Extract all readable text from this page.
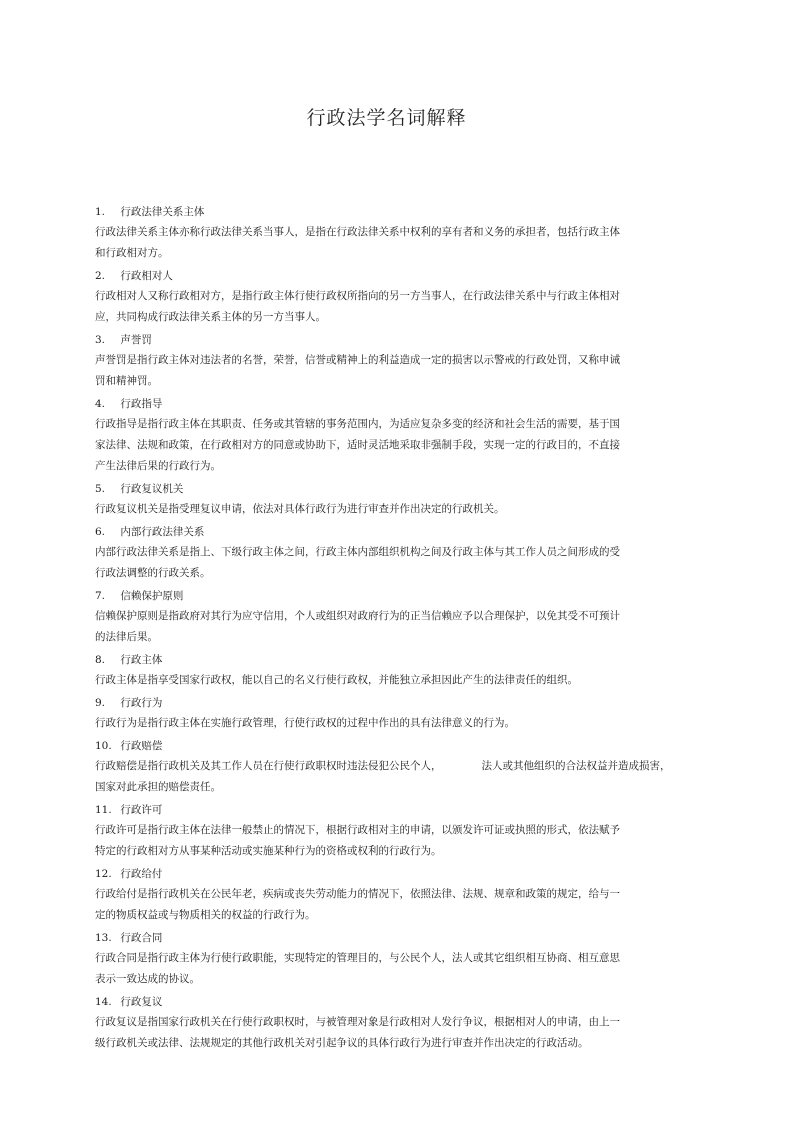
行政法学名词解释
1. 行政法律关系主体
行政法律关系主体亦称行政法律关系当事人，是指在行政法律关系中权利的享有者和义务的承担者，包括行政主体
和行政相对方。
2. 行政相对人
行政相对人又称行政相对方，是指行政主体行使行政权所指向的另一方当事人，在行政法律关系中与行政主体相对
应，共同构成行政法律关系主体的另一方当事人。
3. 声誉罚
声誉罚是指行政主体对违法者的名誉，荣誉，信誉或精神上的利益造成一定的损害以示警戒的行政处罚，又称申诫
罚和精神罚。
4. 行政指导
行政指导是指行政主体在其职责、任务或其管辖的事务范围内，为适应复杂多变的经济和社会生活的需要，基于国
家法律、法规和政策，在行政相对方的同意或协助下，适时灵活地采取非强制手段，实现一定的行政目的，不直接
产生法律后果的行政行为。
5. 行政复议机关
行政复议机关是指受理复议申请，依法对具体行政行为进行审查并作出决定的行政机关。
6. 内部行政法律关系
内部行政法律关系是指上、下级行政主体之间，行政主体内部组织机构之间及行政主体与其工作人员之间形成的受
行政法调整的行政关系。
7. 信赖保护原则
信赖保护原则是指政府对其行为应守信用，个人或组织对政府行为的正当信赖应予以合理保护，以免其受不可预计
的法律后果。
8. 行政主体
行政主体是指享受国家行政权，能以自己的名义行使行政权，并能独立承担因此产生的法律责任的组织。
9. 行政行为
行政行为是指行政主体在实施行政管理，行使行政权的过程中作出的具有法律意义的行为。
10. 行政赔偿
行政赔偿是指行政机关及其工作人员在行使行政职权时违法侵犯公民个人，	法人或其他组织的合法权益并造成损害，
国家对此承担的赔偿责任。
11. 行政许可
行政许可是指行政主体在法律一般禁止的情况下，根据行政相对主的申请，以颁发许可证或执照的形式，依法赋予
特定的行政相对方从事某种活动或实施某种行为的资格或权利的行政行为。
12. 行政给付
行政给付是指行政机关在公民年老，疾病或丧失劳动能力的情况下，依照法律、法规、规章和政策的规定，给与一
定的物质权益或与物质相关的权益的行政行为。
13. 行政合同
行政合同是指行政主体为行使行政职能，实现特定的管理目的，与公民个人，法人或其它组织相互协商、相互意思
表示一致达成的协议。
14. 行政复议
行政复议是指国家行政机关在行使行政职权时，与被管理对象是行政相对人发行争议，根据相对人的申请，由上一
级行政机关或法律、法规规定的其他行政机关对引起争议的具体行政行为进行审查并作出决定的行政活动。
